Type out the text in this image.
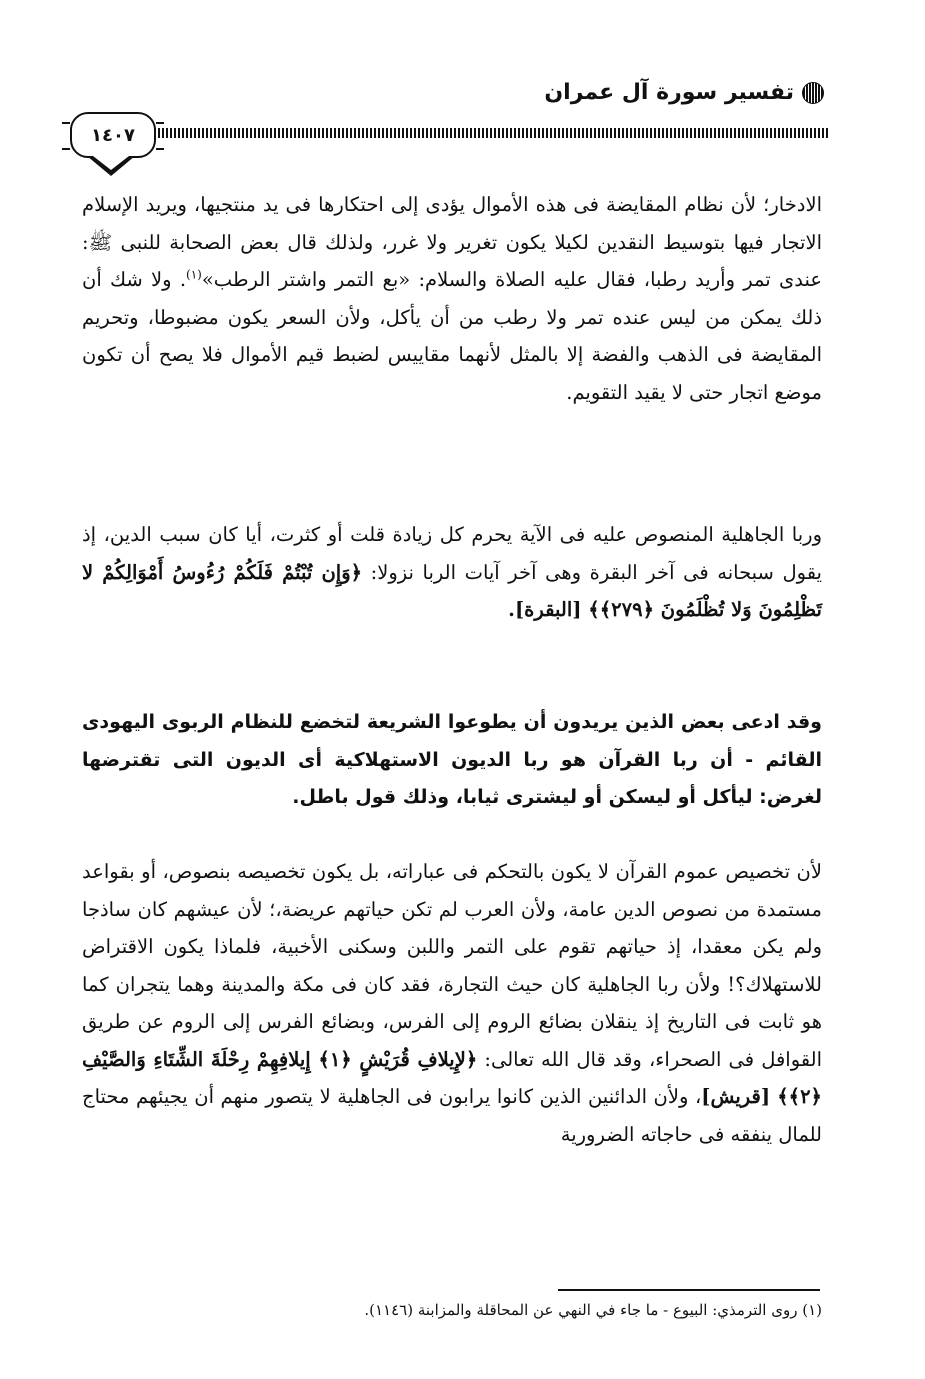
تفسير سورة آل عمران
١٤٠٧

الادخار؛ لأن نظام المقايضة فى هذه الأموال يؤدى إلى احتكارها فى يد منتجيها، ويريد الإسلام الاتجار فيها بتوسيط النقدين لكيلا يكون تغرير ولا غرر، ولذلك قال بعض الصحابة للنبى ﷺ: عندى تمر وأريد رطبا، فقال عليه الصلاة والسلام: «بع التمر واشتر الرطب»$^{(١)}$. ولا شك أن ذلك يمكن من ليس عنده تمر ولا رطب من أن يأكل، ولأن السعر يكون مضبوطا، وتحريم المقايضة فى الذهب والفضة إلا بالمثل لأنهما مقاييس لضبط قيم الأموال فلا يصح أن تكون موضع اتجار حتى لا يقيد التقويم.

وربا الجاهلية المنصوص عليه فى الآية يحرم كل زيادة قلت أو كثرت، أيا كان سبب الدين، إذ يقول سبحانه فى آخر البقرة وهى آخر آيات الربا نزولا: ﴿وَإِن تُبْتُمْ فَلَكُمْ رُءُوسُ أَمْوَالِكُمْ لا تَظْلِمُونَ وَلا تُظْلَمُونَ ﴿٢٧٩﴾﴾ [البقرة].

وقد ادعى بعض الذين يريدون أن يطوعوا الشريعة لتخضع للنظام الربوى اليهودى القائم - أن ربا القرآن هو ربا الديون الاستهلاكية أى الديون التى تقترضها لغرض: ليأكل أو ليسكن أو ليشترى ثيابا، وذلك قول باطل.

لأن تخصيص عموم القرآن لا يكون بالتحكم فى عباراته، بل يكون تخصيصه بنصوص، أو بقواعد مستمدة من نصوص الدين عامة، ولأن العرب لم تكن حياتهم عريضة،؛ لأن عيشهم كان ساذجا ولم يكن معقدا، إذ حياتهم تقوم على التمر واللبن وسكنى الأخبية، فلماذا يكون الاقتراض للاستهلاك؟! ولأن ربا الجاهلية كان حيث التجارة، فقد كان فى مكة والمدينة وهما يتجران كما هو ثابت فى التاريخ إذ ينقلان بضائع الروم إلى الفرس، وبضائع الفرس إلى الروم عن طريق القوافل فى الصحراء، وقد قال الله تعالى: ﴿لإِيلافِ قُرَيْشٍ ﴿١﴾ إِيلافِهِمْ رِحْلَةَ الشِّتَاءِ وَالصَّيْفِ ﴿٢﴾﴾ [قريش]، ولأن الدائنين الذين كانوا يرابون فى الجاهلية لا يتصور منهم أن يجيئهم محتاج للمال ينفقه فى حاجاته الضرورية

(١) روى الترمذي: البيوع - ما جاء في النهي عن المحاقلة والمزابنة (١١٤٦).
